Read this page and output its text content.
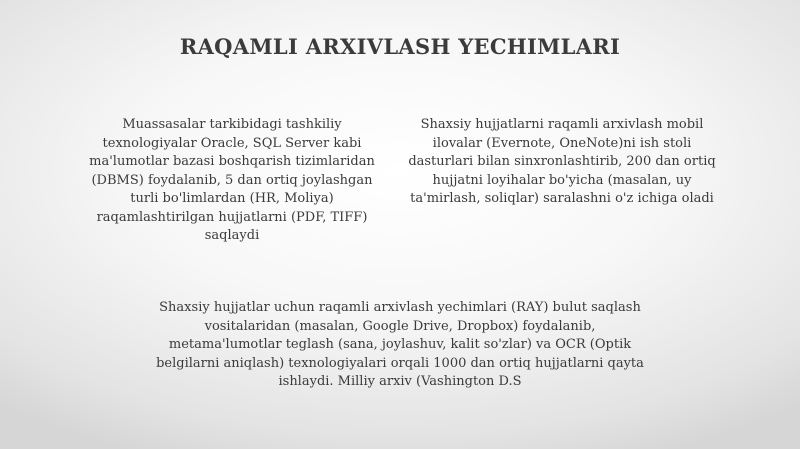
RAQAMLI ARXIVLASH YECHIMLARI
Muassasalar tarkibidagi tashkiliy texnologiyalar Oracle, SQL Server kabi ma'lumotlar bazasi boshqarish tizimlaridan (DBMS) foydalanib, 5 dan ortiq joylashgan turli bo'limlardan (HR, Moliya) raqamlashtirilgan hujjatlarni (PDF, TIFF) saqlaydi
Shaxsiy hujjatlarni raqamli arxivlash mobil ilovalar (Evernote, OneNote)ni ish stoli dasturlari bilan sinxronlashtirib, 200 dan ortiq hujjatni loyihalar bo'yicha (masalan, uy ta'mirlash, soliqlar) saralashni o'z ichiga oladi
Shaxsiy hujjatlar uchun raqamli arxivlash yechimlari (RAY) bulut saqlash vositalaridan (masalan, Google Drive, Dropbox) foydalanib, metama'lumotlar teglash (sana, joylashuv, kalit so'zlar) va OCR (Optik belgilarni aniqlash) texnologiyalari orqali 1000 dan ortiq hujjatlarni qayta ishlaydi. Milliy arxiv (Vashington D.S
